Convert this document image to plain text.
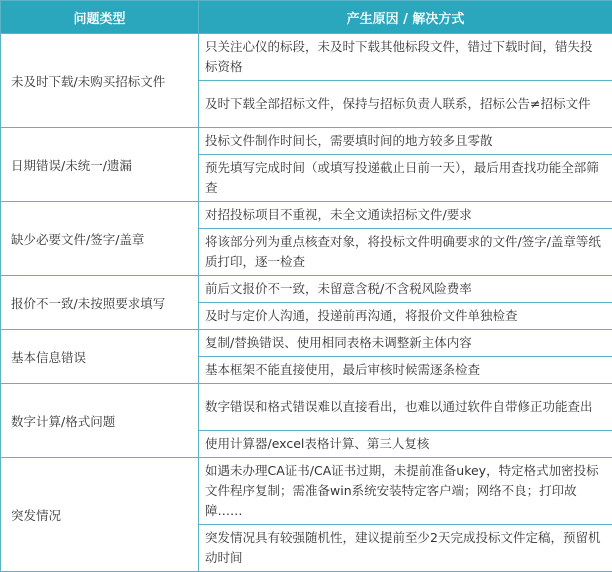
问题类型	产生原因 / 解决方式
未及时下载/未购买招标文件	只关注心仪的标段，未及时下载其他标段文件，错过下载时间，错失投标资格
	及时下载全部招标文件，保持与招标负责人联系，招标公告≠招标文件
日期错误/未统一/遗漏	投标文件制作时间长，需要填时间的地方较多且零散
	预先填写完成时间（或填写投递截止日前一天），最后用查找功能全部筛查
缺少必要文件/签字/盖章	对招投标项目不重视，未全文通读招标文件/要求
	将该部分列为重点核查对象，将投标文件明确要求的文件/签字/盖章等纸质打印，逐一检查
报价不一致/未按照要求填写	前后文报价不一致，未留意含税/不含税风险费率
	及时与定价人沟通，投递前再沟通，将报价文件单独检查
基本信息错误	复制/替换错误、使用相同表格未调整新主体内容
	基本框架不能直接使用，最后审核时候需逐条检查
数字计算/格式问题	数字错误和格式错误难以直接看出，也难以通过软件自带修正功能查出
	使用计算器/excel表格计算、第三人复核
突发情况	如遇未办理CA证书/CA证书过期，未提前准备ukey，特定格式加密投标文件程序复制；需准备win系统安装特定客户端；网络不良；打印故障……
	突发情况具有较强随机性，建议提前至少2天完成投标文件定稿，预留机动时间
